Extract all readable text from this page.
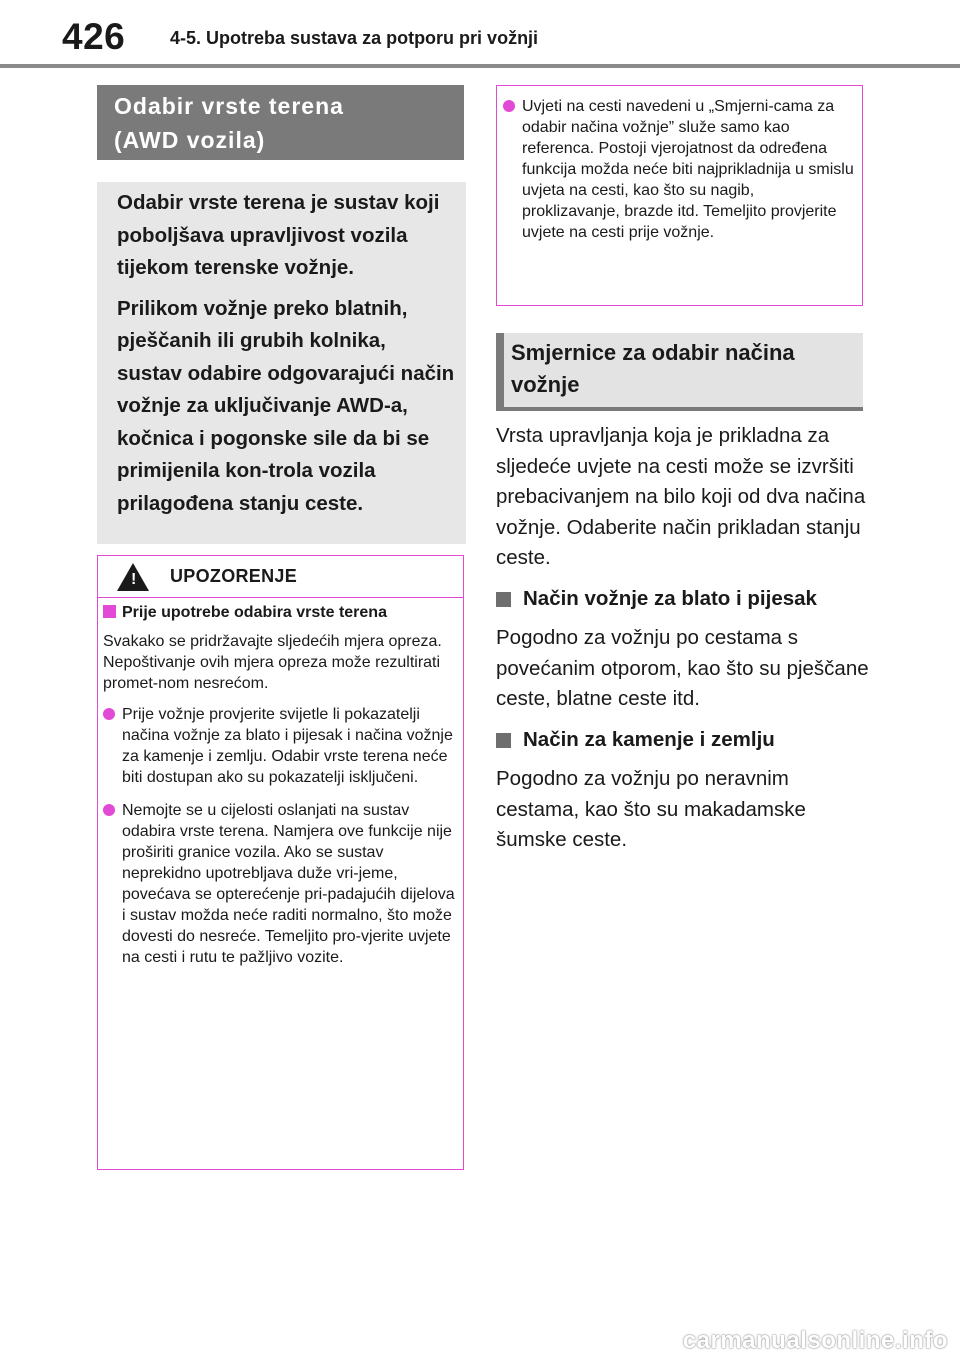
426 4-5. Upotreba sustava za potporu pri vožnji
Odabir vrste terena
(AWD vozila)

Odabir vrste terena je sustav koji poboljšava upravljivost vozila tijekom terenske vožnje.

Prilikom vožnje preko blatnih, pješčanih ili grubih kolnika, sustav odabire odgovarajući način vožnje za uključivanje AWD-a, kočnica i pogonske sile da bi se primijenila kon-trola vozila prilagođena stanju ceste.

! UPOZORENJE
Prije upotrebe odabira vrste terena
Svakako se pridržavajte sljedećih mjera opreza. Nepoštivanje ovih mjera opreza može rezultirati promet-nom nesrećom.
Prije vožnje provjerite svijetle li pokazatelji načina vožnje za blato i pijesak i načina vožnje za kamenje i zemlju. Odabir vrste terena neće biti dostupan ako su pokazatelji isključeni.
Nemojte se u cijelosti oslanjati na sustav odabira vrste terena. Namjera ove funkcije nije proširiti granice vozila. Ako se sustav neprekidno upotrebljava duže vri-jeme, povećava se opterećenje pri-padajućih dijelova i sustav možda neće raditi normalno, što može dovesti do nesreće. Temeljito pro-vjerite uvjete na cesti i rutu te pažljivo vozite.
Uvjeti na cesti navedeni u „Smjerni-cama za odabir načina vožnje” služe samo kao referenca. Postoji vjerojatnost da određena funkcija možda neće biti najprikladnija u smislu uvjeta na cesti, kao što su nagib, proklizavanje, brazde itd. Temeljito provjerite uvjete na cesti prije vožnje.
Smjernice za odabir načina
vožnje

Vrsta upravljanja koja je prikladna za sljedeće uvjete na cesti može se izvršiti prebacivanjem na bilo koji od dva načina vožnje. Odaberite način prikladan stanju ceste.

Način vožnje za blato i pijesak

Pogodno za vožnju po cestama s povećanim otporom, kao što su pješčane ceste, blatne ceste itd.

Način za kamenje i zemlju

Pogodno za vožnju po neravnim cestama, kao što su makadamske šumske ceste.

carmanualsonline.info
